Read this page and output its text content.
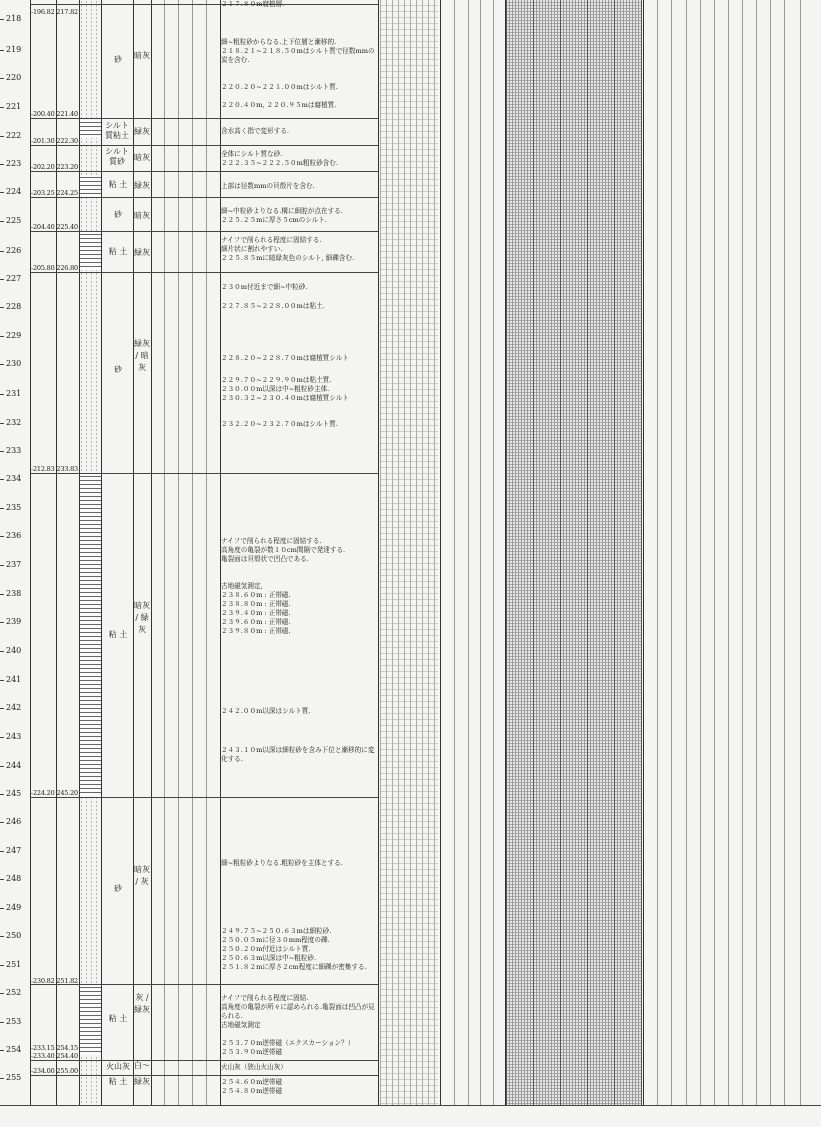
218
219
220
221
222
223
224
225
226
227
228
229
230
231
232
233
234
235
236
237
238
239
240
241
242
243
244
245
246
247
248
249
250
251
252
253
254
255
-196.82 217.82
-200.40 221.40
-201.30 222.30
-202.20 223.20
-203.25 224.25
-204.40 225.40
-205.80 226.80
-212.83 233.83
-224.20 245.20
-230.82 251.82
-233.15 254.15
-233.40 254.40
-234.00 255.00
砂
シルト質粘土
シルト質砂
粘 土
砂
粘 土
砂
粘 土
砂
粘 土
火山灰
粘 土
暗灰
緑灰
暗灰
緑灰
暗灰
緑灰
緑灰 / 暗灰
暗灰 / 緑灰
暗灰 / 灰
灰 / 緑灰
白〜
緑灰
２１７.８０m腐植層.
細~粗粒砂からなる.上下位層と漸移的.
２１８.２１~２１８.５０mはシルト質で径数mmの炭を含む.
２２０.２０~２２１.００mはシルト質.
２２０.４０m, ２２０.９５mは腐植質.
含水高く指で変形する.
全体にシルト質な砂.
２２２.３５~２２２.５０m粗粒砂含む.
上部は径数mmの貝殻片を含む.
細~中粒砂よりなる.構に細腔が点在する.
２２５.２５mに厚さ５cmのシルト.
ナイフで削られる程度に固結する.
細片状に割れやすい.
２２５.８５mに暗緑灰色のシルト, 細礫含む.
２３０m付近まで細~中粒砂.
２２７.８５~２２８.００mは粘土.
２２８.２０~２２８.７０mは腐植質シルト
２２９.７０~２２９.９０mは粘土質.
２３０.００m以深は中~粗粒砂主体.
２３０.３２~２３０.４０mは腐植質シルト
２３２.２０~２３２.７０mはシルト質.
ナイフで削られる程度に固結する.
高角度の亀裂が数１０cm間隔で発達する.
亀裂面は貝殻状で凹凸である.
古地磁気測定,
２３８.６０m : 正帯磁.
２３８.８０m : 正帯磁.
２３９.４０m : 正帯磁.
２３９.６０m : 正帯磁.
２３９.８０m : 正帯磁.
２４２.００m以深はシルト質.
２４３.１０m以深は細粒砂を含み下位と漸移的に変化する.
細~粗粒砂よりなる.粗粒砂を主体とする.
２４９.７５~２５０.６３mは細粒砂.
２５０.０５mに径３０mm程度の礫.
２５０.２０m付近はシルト質.
２５０.６３m以深は中~粗粒砂.
２５１.８２mに厚さ２cm程度に細礫が密集する.
ナイフで削られる程度に固結.
高角度の亀裂が所々に認められる.亀裂面は凹凸が見られる.
古地磁気測定
２５３.７０m逆帯磁（エクスカーション？）
２５３.９０m逆帯磁
火山灰（狭山火山灰）
２５４.６０m逆帯磁
２５４.８０m逆帯磁
